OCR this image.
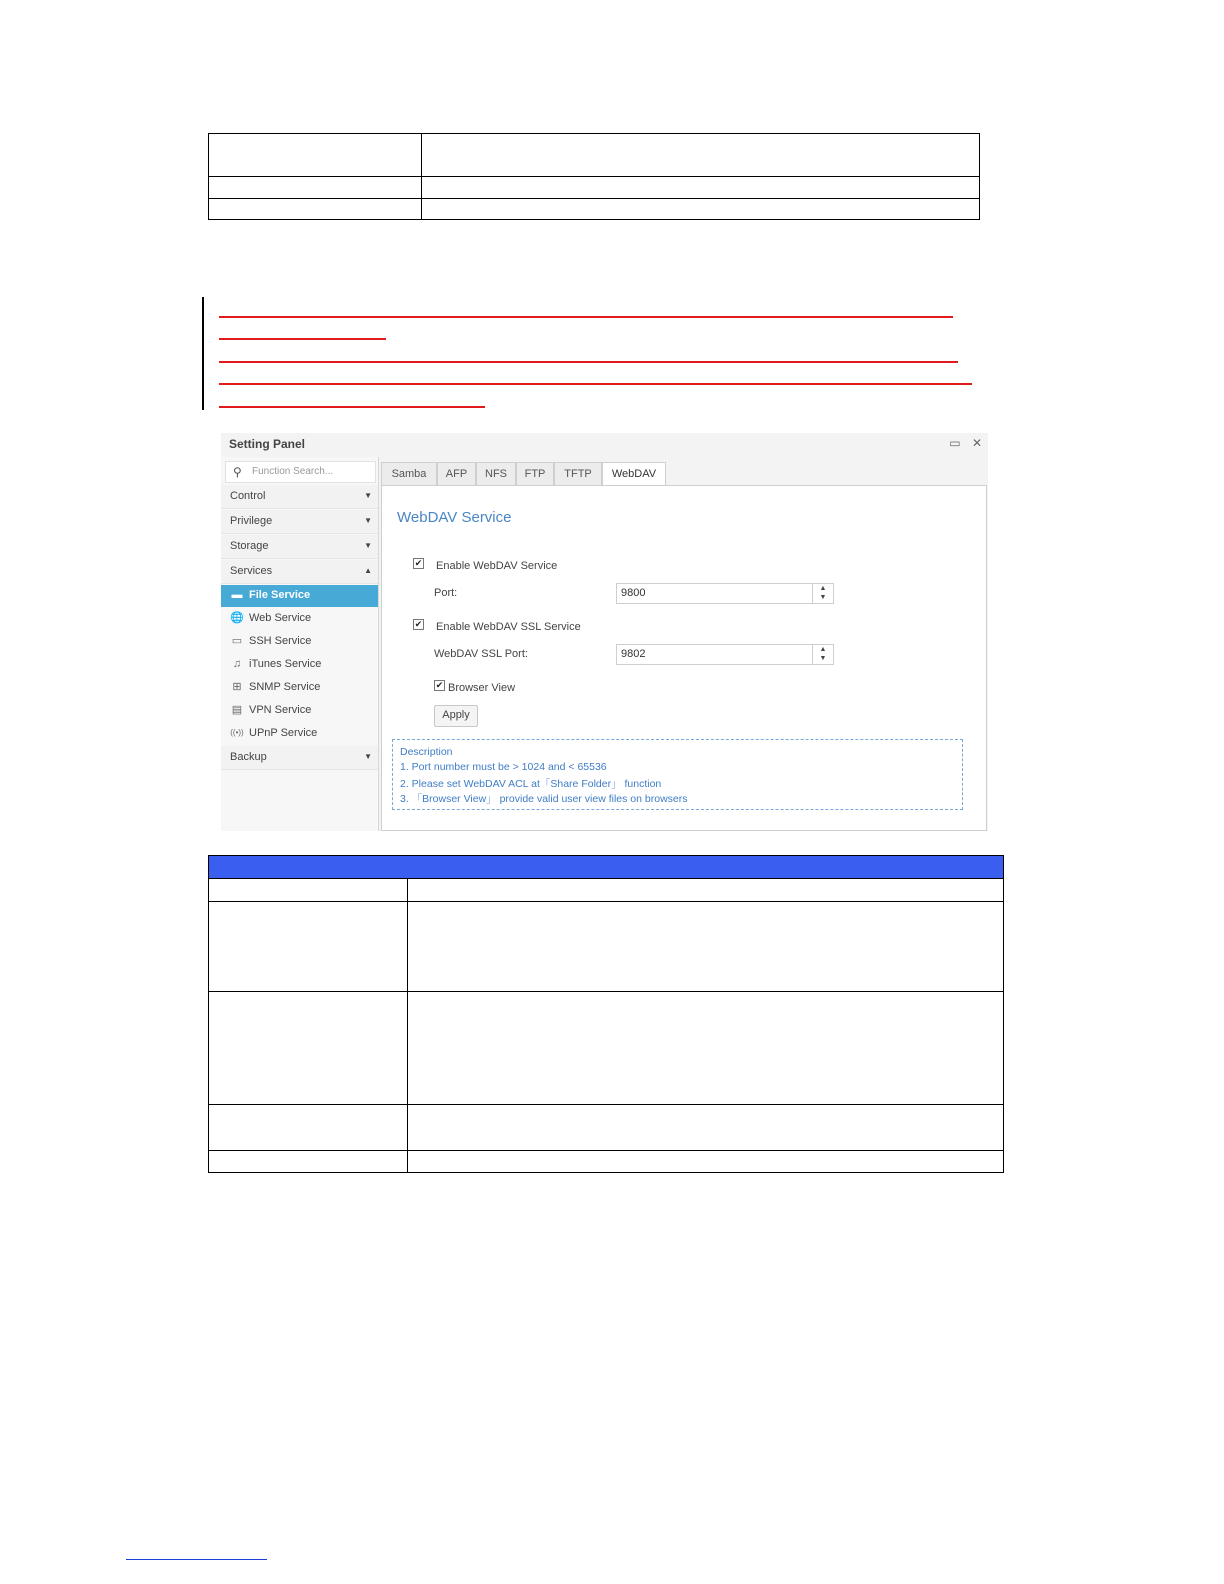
Setting Panel	▭ ✕
⚲ Function Search...
Control	▼
Privilege	▼
Storage	▼
Services	▲
▬ File Service
🌐 Web Service
▭ SSH Service
♫ iTunes Service
⊞ SNMP Service
▤ VPN Service
((•)) UPnP Service
Backup	▼
Samba	AFP	NFS	FTP	TFTP	WebDAV
WebDAV Service
✔ Enable WebDAV Service
Port:	9800	▲
▼
✔ Enable WebDAV SSL Service
WebDAV SSL Port:	9802	▲
▼
✔ Browser View
Apply
Description
1. Port number must be > 1024 and < 65536
2. Please set WebDAV ACL at「Share Folder」 function
3. 「Browser View」 provide valid user view files on browsers
